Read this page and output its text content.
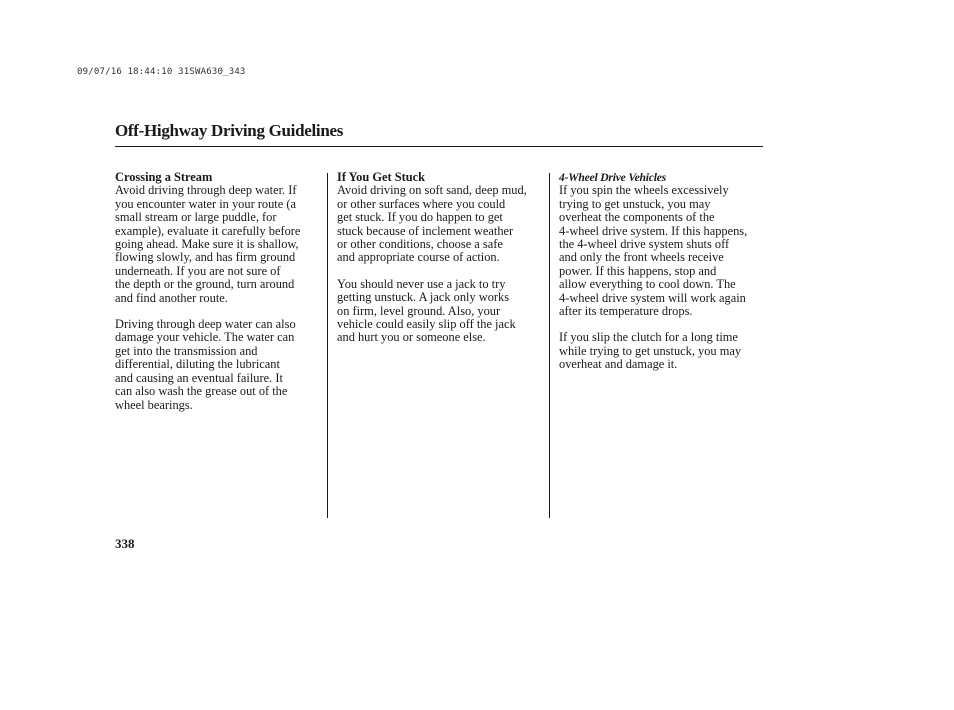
09/07/16 18:44:10 31SWA630_343
Off-Highway Driving Guidelines
Crossing a Stream

Avoid driving through deep water. If
you encounter water in your route (a
small stream or large puddle, for
example), evaluate it carefully before
going ahead. Make sure it is shallow,
flowing slowly, and has firm ground
underneath. If you are not sure of
the depth or the ground, turn around
and find another route.

Driving through deep water can also
damage your vehicle. The water can
get into the transmission and
differential, diluting the lubricant
and causing an eventual failure. It
can also wash the grease out of the
wheel bearings.

If You Get Stuck

Avoid driving on soft sand, deep mud,
or other surfaces where you could
get stuck. If you do happen to get
stuck because of inclement weather
or other conditions, choose a safe
and appropriate course of action.

You should never use a jack to try
getting unstuck. A jack only works
on firm, level ground. Also, your
vehicle could easily slip off the jack
and hurt you or someone else.

4-Wheel Drive Vehicles

If you spin the wheels excessively
trying to get unstuck, you may
overheat the components of the
4-wheel drive system. If this happens,
the 4-wheel drive system shuts off
and only the front wheels receive
power. If this happens, stop and
allow everything to cool down. The
4-wheel drive system will work again
after its temperature drops.

If you slip the clutch for a long time
while trying to get unstuck, you may
overheat and damage it.

338
